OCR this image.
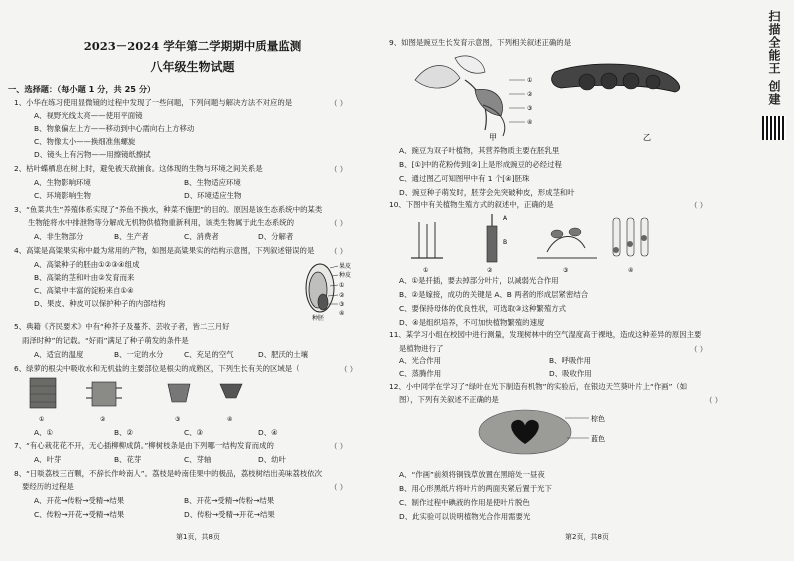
2023－2024 学年第二学期期中质量监测
八年级生物试题
一、选择题：（每小题 1 分，共 25 分）
1、小华在练习使用显微镜的过程中发现了一些问题，下列问题与解决方法不对应的是
A、视野光线太亮——使用平面镜
B、物象偏左上方——移动到中心需向右上方移动
C、物像太小——换细准焦螺旋
D、镜头上有污物——用擦镜纸擦拭
2、枯叶蝶栖息在树上时，避免被天敌捕食。这体现的生物与环境之间关系是
A、生物影响环境	B、生物适应环境
C、环境影响生物	D、环境适应生物
3、“鱼菜共生”养殖体系实现了“养鱼不换水，种菜不施肥”的目的。原因是该生态系统中的某类
生物能将水中排泄物等分解成无机物供植物重新利用，该类生物属于此生态系统的
A、非生物部分	B、生产者	C、消费者	D、分解者
4、高粱是高粱果实称中最为常用的产物，如图是高粱果实的结构示意图，下列叙述错误的是
A、高粱种子的胚由①②③④组成
B、高粱的茎和叶由②发育而来
C、高粱中丰富的淀粉来自①④
D、果皮、种皮可以保护种子的内部结构
5、典籍《齐民要术》中有“种芥子及蔓芥、芸收子者，皆二三月好
雨泽时种”的记载。“好雨”满足了种子萌发的条件是
A、适宜的温度	B、一定的水分	C、充足的空气	D、肥沃的土壤
6、绿萝的根尖中吸收水和无机盐的主要部位是根尖的成熟区，下列生长有关的区域是（
A、①	B、②	C、③	D、④
7、“有心栽花花不开，无心插柳柳成荫。”柳树枝条是由下列哪一结构发育而成的
A、叶芽	B、花芽	C、芽轴	D、幼叶
8、“日啖荔枝三百颗，不辞长作岭南人”。荔枝是岭南佳果中的极品，荔枝树结出美味荔枝依次
要经历的过程是
A、开花→传粉→受精→结果	B、开花→受精→传粉→结果
C、传粉→开花→受精→结果	D、传粉→受精→开花→结果
（ ）
（ ）
（ ）
（ ）
（ ）
（ ）
（ ）
果皮
种皮
①
②
③
④
种胚
①	②	③	④
第1页，共8页
9、如图是豌豆生长发育示意图，下列相关叙述正确的是
A、豌豆为双子叶植物，其营养物质主要在胚乳里
B、[①]中的花粉传到[②]上是形成豌豆的必经过程
C、通过图乙可知图甲中有 1 个[④]胚珠
D、豌豆种子萌发时，胚芽会先突破种皮，形成茎和叶
10、下图中有关植物生殖方式的叙述中，正确的是
A、①是扦插，要去掉部分叶片，以减弱光合作用
B、②是嫁接，成功的关键是 A、B 两者的形成层紧密结合
C、要保持母体的优良性状，可选取③这种繁殖方式
D、④是组织培养，不可加快植物繁殖的速度
11、某学习小组在校园中进行测量，发现树林中的空气湿度高于裸地，造成这种差异的原因主要
是植物进行了
A、光合作用	B、呼吸作用
C、蒸腾作用	D、吸收作用
12、小中同学在学习了“绿叶在光下制造有机物”的实验后，在银边天竺葵叶片上“作画”（如
图），下列有关叙述不正确的是
A、“作画”前须将铜钱草放置在黑暗处一昼夜
B、用心形黑纸片将叶片的两面夹紧后置于光下
C、制作过程中碘液的作用是使叶片脱色
D、此实验可以说明植物光合作用需要光
（ ）
（ ）
（ ）
①
②
③
④
甲	乙
A
B
①	②	③	④
棕色
蓝色
第2页，共8页
扫描全能王 创建
